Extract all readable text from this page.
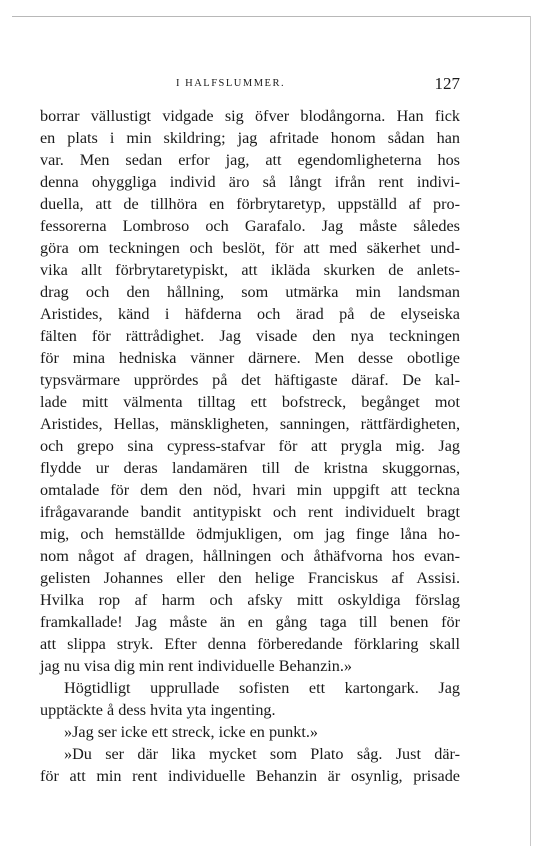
I HALFSLUMMER.	127
borrar vällustigt vidgade sig öfver blodångorna. Han fick
en plats i min skildring; jag afritade honom sådan han
var. Men sedan erfor jag, att egendomligheterna hos
denna ohyggliga individ äro så långt ifrån rent indivi-
duella, att de tillhöra en förbrytaretyp, uppställd af pro-
fessorerna Lombroso och Garafalo. Jag måste således
göra om teckningen och beslöt, för att med säkerhet und-
vika allt förbrytaretypiskt, att ikläda skurken de anlets-
drag och den hållning, som utmärka min landsman
Aristides, känd i häfderna och ärad på de elyseiska
fälten för rättrådighet. Jag visade den nya teckningen
för mina hedniska vänner därnere. Men desse obotlige
typsvärmare upprördes på det häftigaste däraf. De kal-
lade mitt välmenta tilltag ett bofstreck, begånget mot
Aristides, Hellas, mänskligheten, sanningen, rättfärdigheten,
och grepo sina cypress-stafvar för att prygla mig. Jag
flydde ur deras landamären till de kristna skuggornas,
omtalade för dem den nöd, hvari min uppgift att teckna
ifrågavarande bandit antitypiskt och rent individuelt bragt
mig, och hemställde ödmjukligen, om jag finge låna ho-
nom något af dragen, hållningen och åthäfvorna hos evan-
gelisten Johannes eller den helige Franciskus af Assisi.
Hvilka rop af harm och afsky mitt oskyldiga förslag
framkallade! Jag måste än en gång taga till benen för
att slippa stryk. Efter denna förberedande förklaring skall
jag nu visa dig min rent individuelle Behanzin.»
Högtidligt upprullade sofisten ett kartongark. Jag
upptäckte å dess hvita yta ingenting.
»Jag ser icke ett streck, icke en punkt.»
»Du ser där lika mycket som Plato såg. Just där-
för att min rent individuelle Behanzin är osynlig, prisade
